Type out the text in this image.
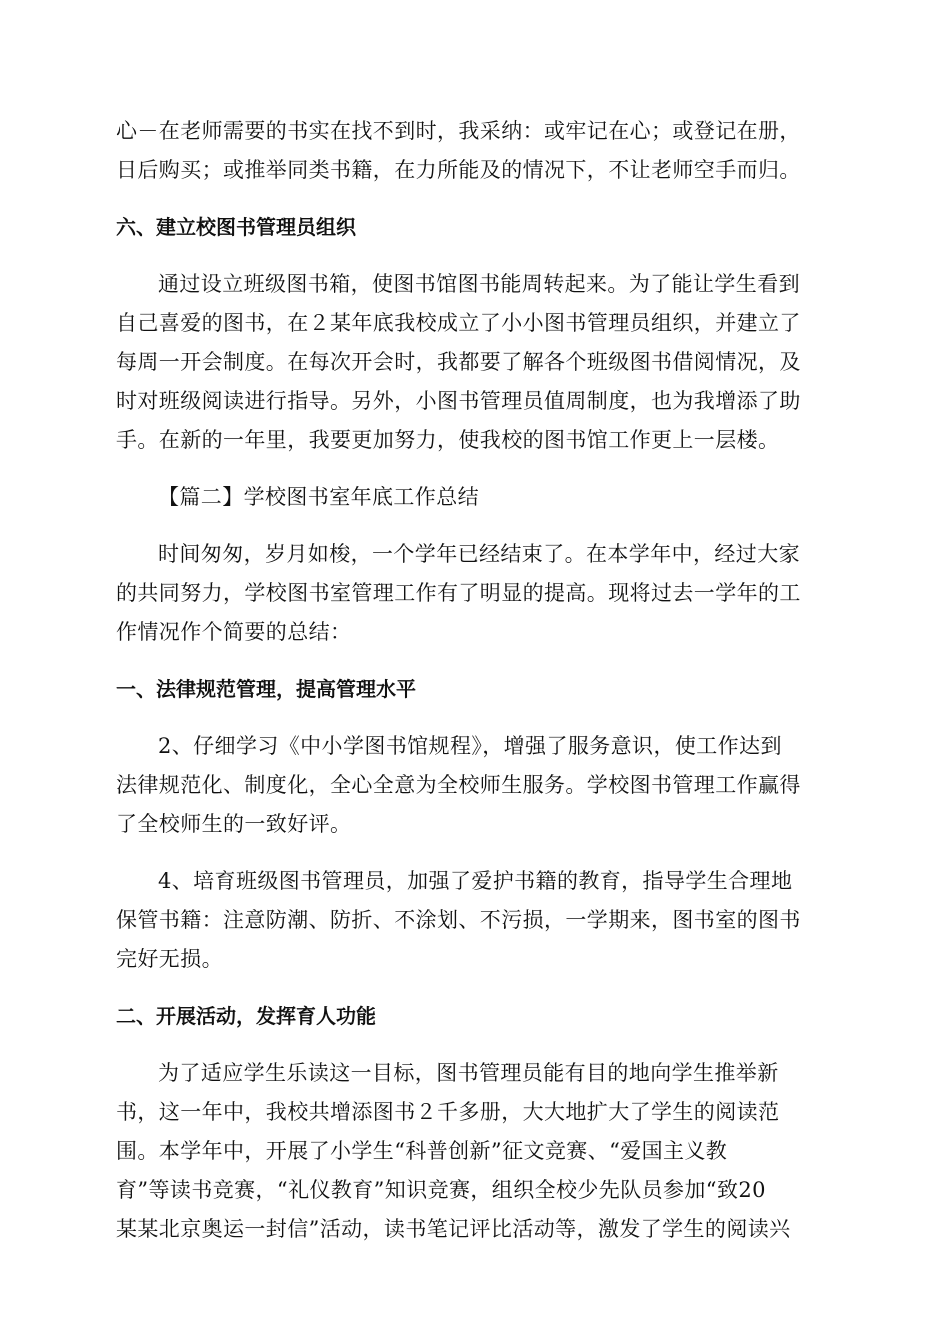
心－在老师需要的书实在找不到时，我采纳：或牢记在心；或登记在册，
日后购买；或推举同类书籍，在力所能及的情况下，不让老师空手而归。
六、建立校图书管理员组织
通过设立班级图书箱，使图书馆图书能周转起来。为了能让学生看到
自己喜爱的图书，在２某年底我校成立了小小图书管理员组织，并建立了
每周一开会制度。在每次开会时，我都要了解各个班级图书借阅情况，及
时对班级阅读进行指导。另外，小图书管理员值周制度，也为我增添了助
手。在新的一年里，我要更加努力，使我校的图书馆工作更上一层楼。
【篇二】学校图书室年底工作总结
时间匆匆，岁月如梭，一个学年已经结束了。在本学年中，经过大家
的共同努力，学校图书室管理工作有了明显的提高。现将过去一学年的工
作情况作个简要的总结：
一、法律规范管理，提高管理水平
2、仔细学习《中小学图书馆规程》，增强了服务意识，使工作达到
法律规范化、制度化，全心全意为全校师生服务。学校图书管理工作赢得
了全校师生的一致好评。
4、培育班级图书管理员，加强了爱护书籍的教育，指导学生合理地
保管书籍：注意防潮、防折、不涂划、不污损，一学期来，图书室的图书
完好无损。
二、开展活动，发挥育人功能
为了适应学生乐读这一目标，图书管理员能有目的地向学生推举新
书，这一年中，我校共增添图书２千多册，大大地扩大了学生的阅读范
围。本学年中，开展了小学生“科普创新”征文竞赛、“爱国主义教
育”等读书竞赛，“礼仪教育”知识竞赛，组织全校少先队员参加“致20
某某北京奥运一封信”活动，读书笔记评比活动等，激发了学生的阅读兴
